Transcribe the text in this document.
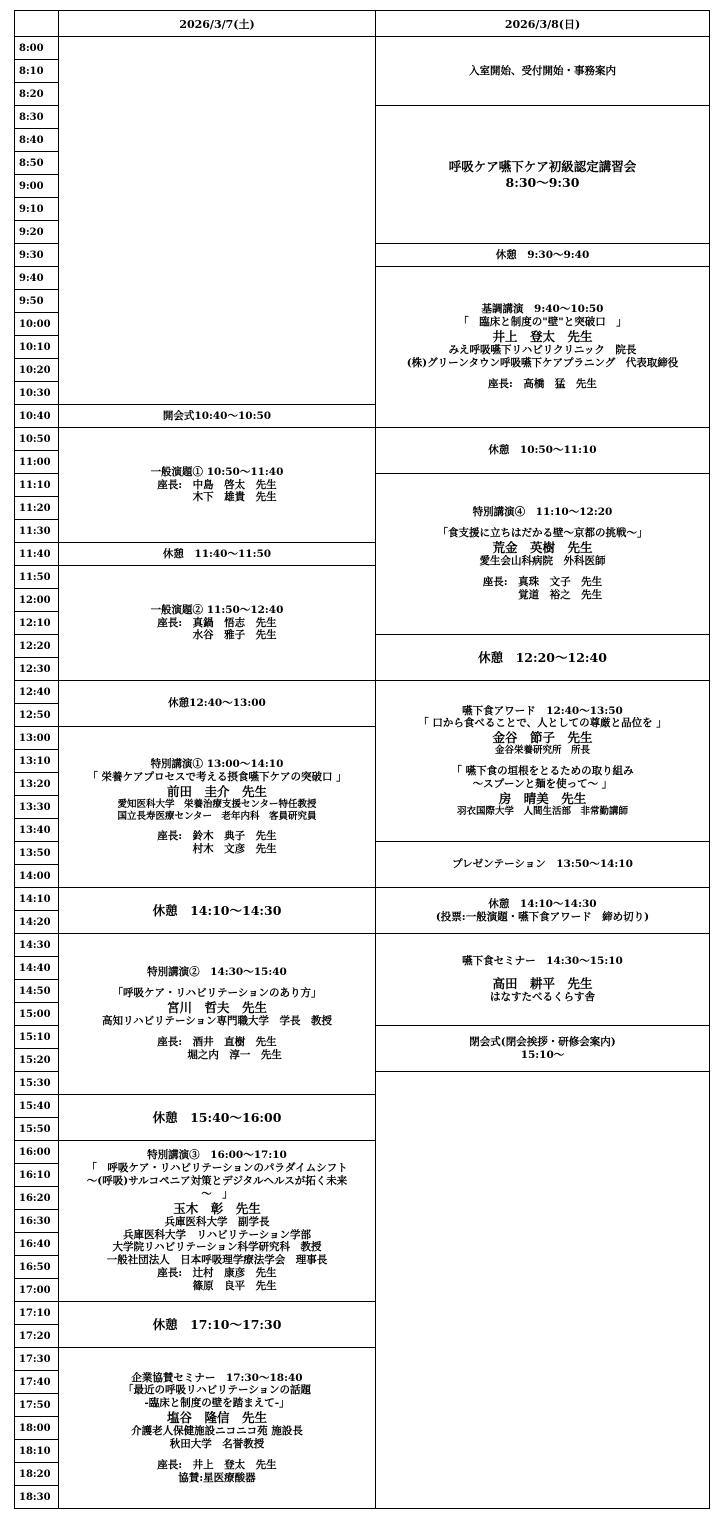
2026/3/7(土)	2026/3/8(日)
8:00
8:10
8:20
8:30
8:40
8:50
9:00
9:10
9:20
9:30
9:40
9:50
10:00
10:10
10:20
10:30
10:40
10:50
11:00
11:10
11:20
11:30
11:40
11:50
12:00
12:10
12:20
12:30
12:40
12:50
13:00
13:10
13:20
13:30
13:40
13:50
14:00
14:10
14:20
14:30
14:40
14:50
15:00
15:10
15:20
15:30
15:40
15:50
16:00
16:10
16:20
16:30
16:40
16:50
17:00
17:10
17:20
17:30
17:40
17:50
18:00
18:10
18:20
18:30
開会式10:40～10:50
一般演題① 10:50～11:40
座長:　中島　啓太　先生
　　　 木下　雄貴　先生
休憩　11:40～11:50
一般演題② 11:50～12:40
座長:　真鍋　悟志　先生
　　　 水谷　雅子　先生
休憩12:40～13:00
特別講演① 13:00～14:10
「 栄養ケアプロセスで考える摂食嚥下ケアの突破口 」
前田　圭介　先生
愛知医科大学　栄養治療支援センター特任教授
国立長寿医療センター　老年内科　客員研究員
座長:　鈴木　典子　先生
　　　 村木　文彦　先生
休憩　14:10～14:30
特別講演②　14:30～15:40
「呼吸ケア・リハビリテーションのあり方」
宮川　哲夫　先生
高知リハビリテーション専門職大学　学長　教授
座長:　酒井　直樹　先生
　　　 堀之内　淳一　先生
休憩　15:40～16:00
特別講演③　16:00～17:10
「　呼吸ケア・リハビリテーションのパラダイムシフト
～(呼吸)サルコペニア対策とデジタルヘルスが拓く未来
～　」
玉木　彰　先生
兵庫医科大学　副学長
兵庫医科大学　リハビリテーション学部
大学院リハビリテーション科学研究科　教授
一般社団法人　日本呼吸理学療法学会　理事長
座長:　辻村　康彦　先生
　　　 篠原　良平　先生
休憩　17:10～17:30
企業協賛セミナー　17:30～18:40
「最近の呼吸リハビリテーションの話題
-臨床と制度の壁を踏まえて-」
塩谷　隆信　先生
介護老人保健施設ニコニコ苑 施設長
秋田大学　名誉教授
座長:　井上　登太　先生
協賛:星医療酸器
入室開始、受付開始・事務案内
呼吸ケア嚥下ケア初級認定講習会
8:30～9:30
休憩　9:30～9:40
基調講演　9:40～10:50
「　臨床と制度の"壁"と突破口　」
井上　登太　先生
みえ呼吸嚥下リハビリクリニック　院長
(株)グリーンタウン呼吸嚥下ケアプラニング　代表取締役
座長:　高橋　猛　先生
休憩　10:50～11:10
特別講演④　11:10～12:20
「食支援に立ちはだかる壁～京都の挑戦～」
荒金　英樹　先生
愛生会山科病院　外科医師
座長:　真珠　文子　先生
　　　 覚道　裕之　先生
休憩　12:20～12:40
嚥下食アワード　12:40～13:50
「 口から食べることで、人としての尊厳と品位を 」
金谷　節子　先生
金谷栄養研究所　所長
「 嚥下食の垣根をとるための取り組み
～スプーンと麺を使って～ 」
房　晴美　先生
羽衣国際大学　人間生活部　非常勤講師
プレゼンテーション　13:50～14:10
休憩　14:10～14:30
(投票:一般演題・嚥下食アワード　締め切り)
嚥下食セミナー　14:30～15:10
高田　耕平　先生
はなすたべるくらす舎
閉会式(閉会挨拶・研修会案内)
15:10～
